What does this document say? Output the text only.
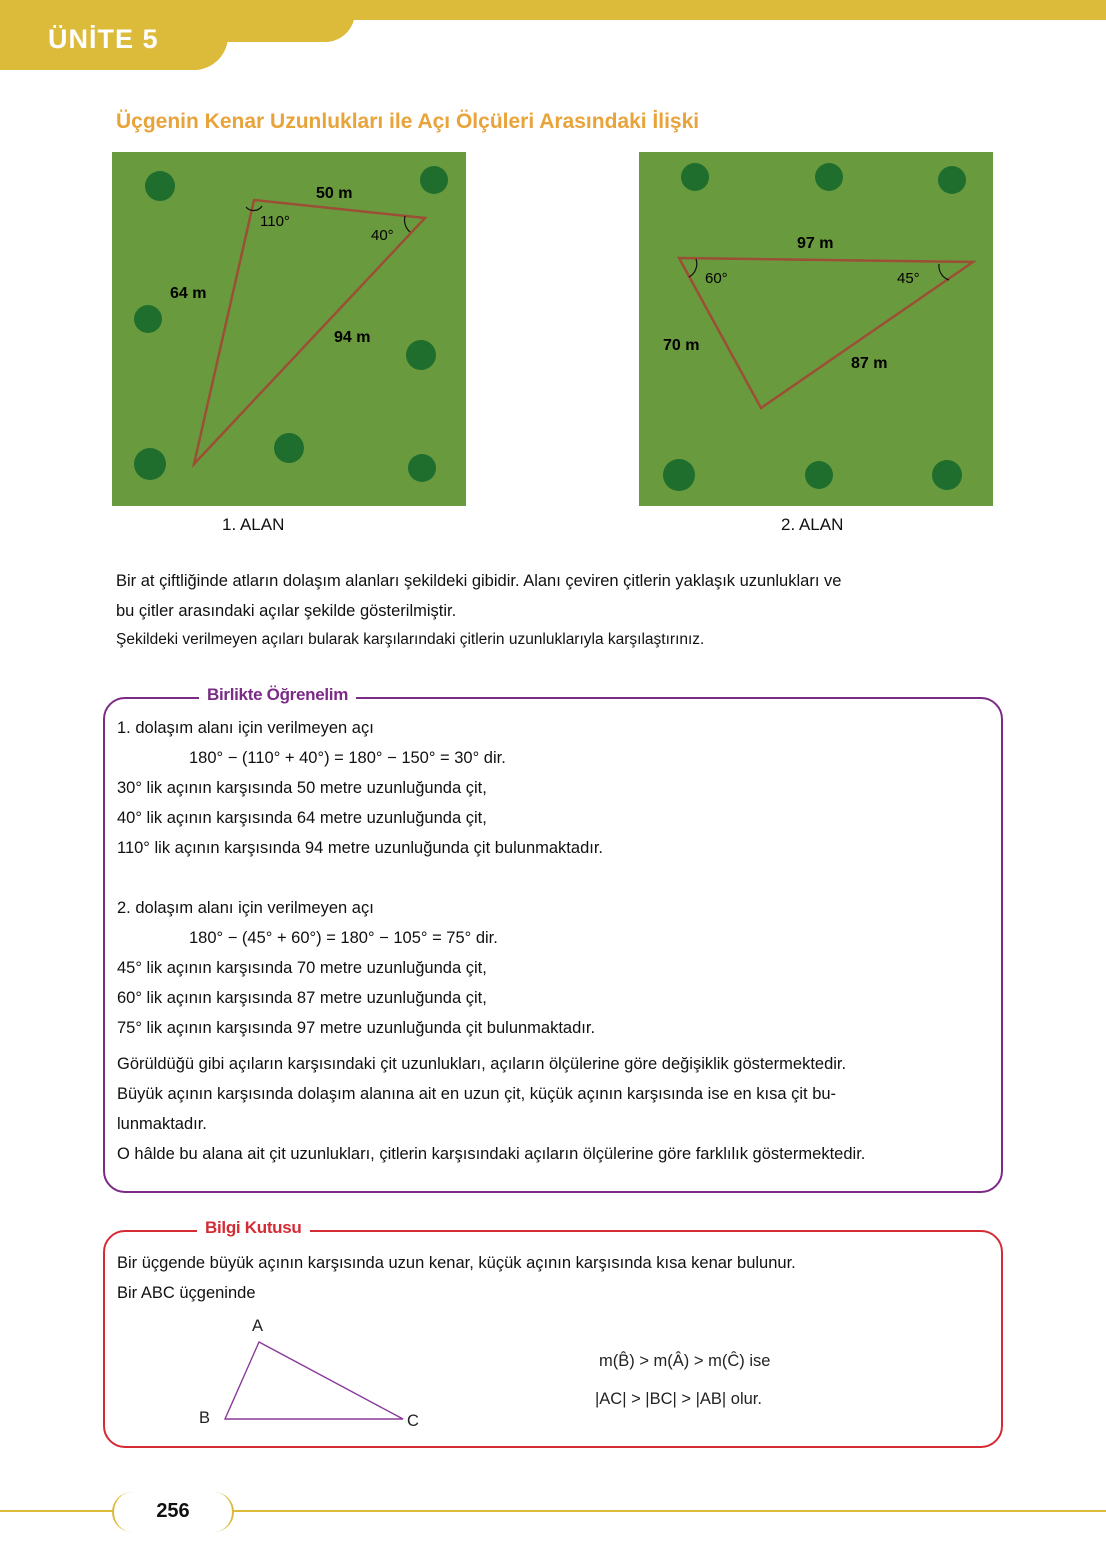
ÜNİTE 5
Üçgenin Kenar Uzunlukları ile Açı Ölçüleri Arasındaki İlişki
50 m
64 m
94 m
110°
40°
1. ALAN
97 m
70 m
87 m
60°	45°
2. ALAN

Bir at çiftliğinde atların dolaşım alanları şekildeki gibidir. Alanı çeviren çitlerin yaklaşık uzunlukları ve

bu çitler arasındaki açılar şekilde gösterilmiştir.

Şekildeki verilmeyen açıları bularak karşılarındaki çitlerin uzunluklarıyla karşılaştırınız.

Birlikte Öğrenelim
1. dolaşım alanı için verilmeyen açı
180° − (110° + 40°) = 180° − 150° = 30° dir.
30° lik açının karşısında 50 metre uzunluğunda çit,
40° lik açının karşısında 64 metre uzunluğunda çit,
110° lik açının karşısında 94 metre uzunluğunda çit bulunmaktadır.
2. dolaşım alanı için verilmeyen açı
180° − (45° + 60°) = 180° − 105° = 75° dir.
45° lik açının karşısında 70 metre uzunluğunda çit,
60° lik açının karşısında 87 metre uzunluğunda çit,
75° lik açının karşısında 97 metre uzunluğunda çit bulunmaktadır.

Görüldüğü gibi açıların karşısındaki çit uzunlukları, açıların ölçülerine göre değişiklik göstermektedir.

Büyük açının karşısında dolaşım alanına ait en uzun çit, küçük açının karşısında ise en kısa çit bu-

lunmaktadır.

O hâlde bu alana ait çit uzunlukları, çitlerin karşısındaki açıların ölçülerine göre farklılık göstermektedir.

Bilgi Kutusu
Bir üçgende büyük açının karşısında uzun kenar, küçük açının karşısında kısa kenar bulunur.
Bir ABC üçgeninde
A
B	C
m(B̂) > m(Â) > m(Ĉ) ise
|AC| > |BC| > |AB| olur.
256
